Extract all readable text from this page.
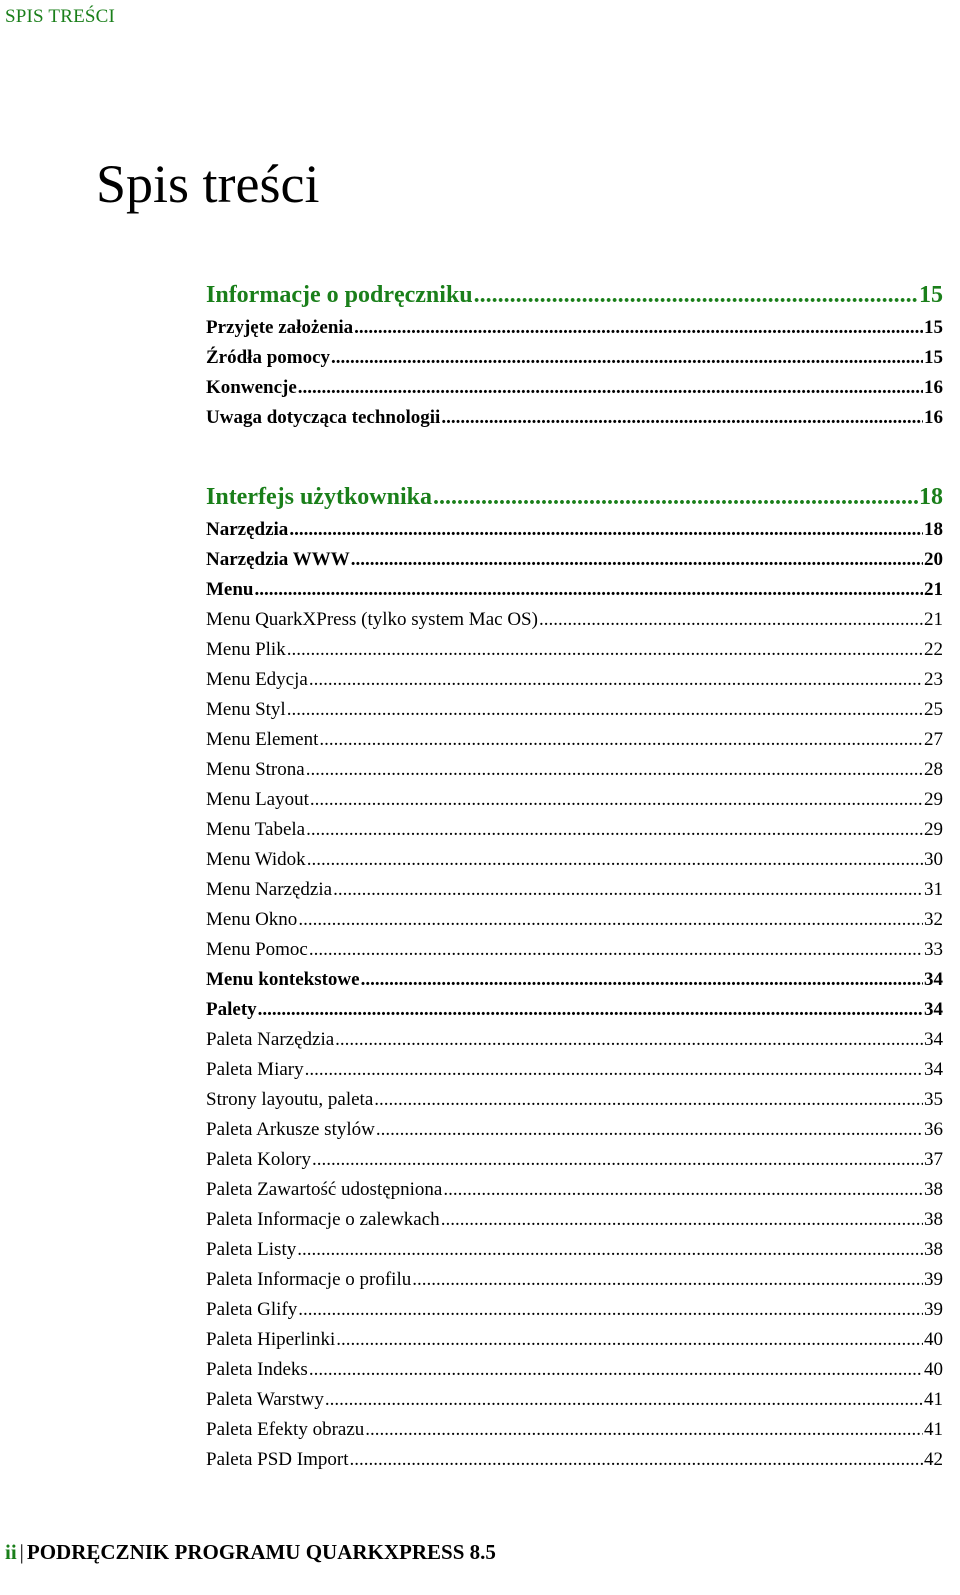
SPIS TREŚCI
Spis treści
Informacje o podręczniku .....	15
Przyjęte założenia .....	15
Źródła pomocy .....	15
Konwencje .....	16
Uwaga dotycząca technologii .....	16
Interfejs użytkownika .....	18
Narzędzia .....	18
Narzędzia WWW .....	20
Menu .....	21
Menu QuarkXPress (tylko system Mac OS) .....	21
Menu Plik .....	22
Menu Edycja .....	23
Menu Styl .....	25
Menu Element .....	27
Menu Strona .....	28
Menu Layout .....	29
Menu Tabela .....	29
Menu Widok .....	30
Menu Narzędzia .....	31
Menu Okno .....	32
Menu Pomoc .....	33
Menu kontekstowe .....	34
Palety .....	34
Paleta Narzędzia .....	34
Paleta Miary .....	34
Strony layoutu, paleta .....	35
Paleta Arkusze stylów .....	36
Paleta Kolory .....	37
Paleta Zawartość udostępniona .....	38
Paleta Informacje o zalewkach .....	38
Paleta Listy .....	38
Paleta Informacje o profilu .....	39
Paleta Glify .....	39
Paleta Hiperlinki .....	40
Paleta Indeks .....	40
Paleta Warstwy .....	41
Paleta Efekty obrazu .....	41
Paleta PSD Import .....	42
ii | PODRĘCZNIK PROGRAMU QUARKXPRESS 8.5
